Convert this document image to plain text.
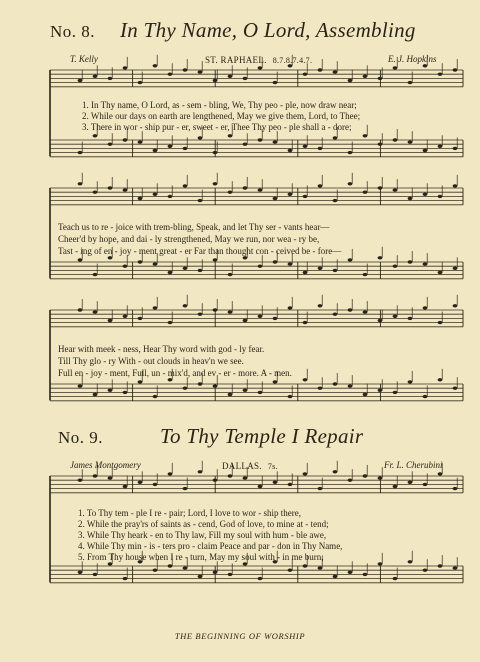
No. 8. In Thy Name, O Lord, Assembling
T. Kelly	ST. RAPHAEL. 8.7.8.7.4.7.	E. J. Hopkins
1. In Thy name, O Lord, as - sem - bling, We, Thy peo - ple, now draw near;
2. While our days on earth are lengthened, May we give them, Lord, to Thee;
3. There in wor - ship pur - er, sweet - er, Thee Thy peo - ple shall a - dore;
Teach us to re - joice with trem-bling, Speak, and let Thy ser - vants hear—
Cheer'd by hope, and dai - ly strengthened, May we run, nor wea - ry be,
Tast - ing of en - joy - ment great - er Far than thought con - ceived be - fore—
Hear with meek - ness, Hear Thy word with god - ly fear.
Till Thy glo - ry With - out clouds in heav'n we see.
Full en - joy - ment, Full, un - mix'd, and ev - er - more. A - men.
No. 9.	To Thy Temple I Repair
James Montgomery	DALLAS. 7s.	Fr. L. Cherubini
1. To Thy tem - ple I re - pair; Lord, I love to wor - ship there,
2. While the pray'rs of saints as - cend, God of love, to mine at - tend;
3. While Thy heark - en to Thy law, Fill my soul with hum - ble awe,
4. While Thy min - is - ters pro - claim Peace and par - don in Thy Name,
5. From Thy house when I re - turn, May my soul with - in me burn;
THE BEGINNING OF WORSHIP
